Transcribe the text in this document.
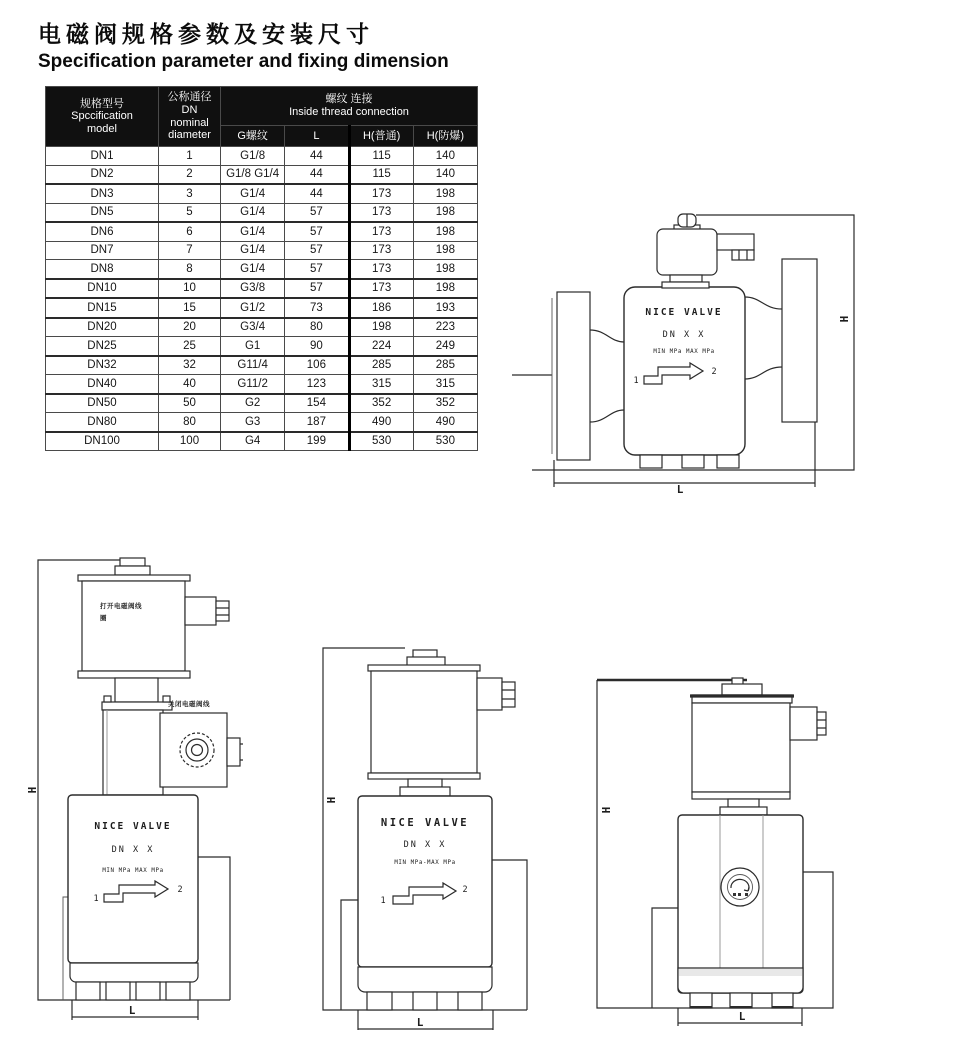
电磁阀规格参数及安装尺寸
Specification parameter and fixing dimension
规格型号
Spccification
model

公称通径
DN
nominal
diameter

螺纹 连接
Inside thread connection

		G螺纹	L	H(普通)	H(防爆)
DN1	1	G1/8	44	115	140
DN2	2	G1/8 G1/4	44	115	140
DN3	3	G1/4	44	173	198
DN5	5	G1/4	57	173	198
DN6	6	G1/4	57	173	198
DN7	7	G1/4	57	173	198
DN8	8	G1/4	57	173	198
DN10	10	G3/8	57	173	198
DN15	15	G1/2	73	186	193
DN20	20	G3/4	80	198	223
DN25	25	G1	90	224	249
DN32	32	G11/4	106	285	285
DN40	40	G11/2	123	315	315
DN50	50	G2	154	352	352
DN80	80	G3	187	490	490
DN100	100	G4	199	530	530
H
L
NICE VALVE
DN X X
MIN MPa MAX MPa
1
2
H
L
打开电磁阀线
圈
关闭电磁阀线
NICE VALVE
DN X X
MIN MPa MAX MPa
1
2
H
L
NICE VALVE
DN X X
MIN MPa-MAX MPa
1
2
H
L
